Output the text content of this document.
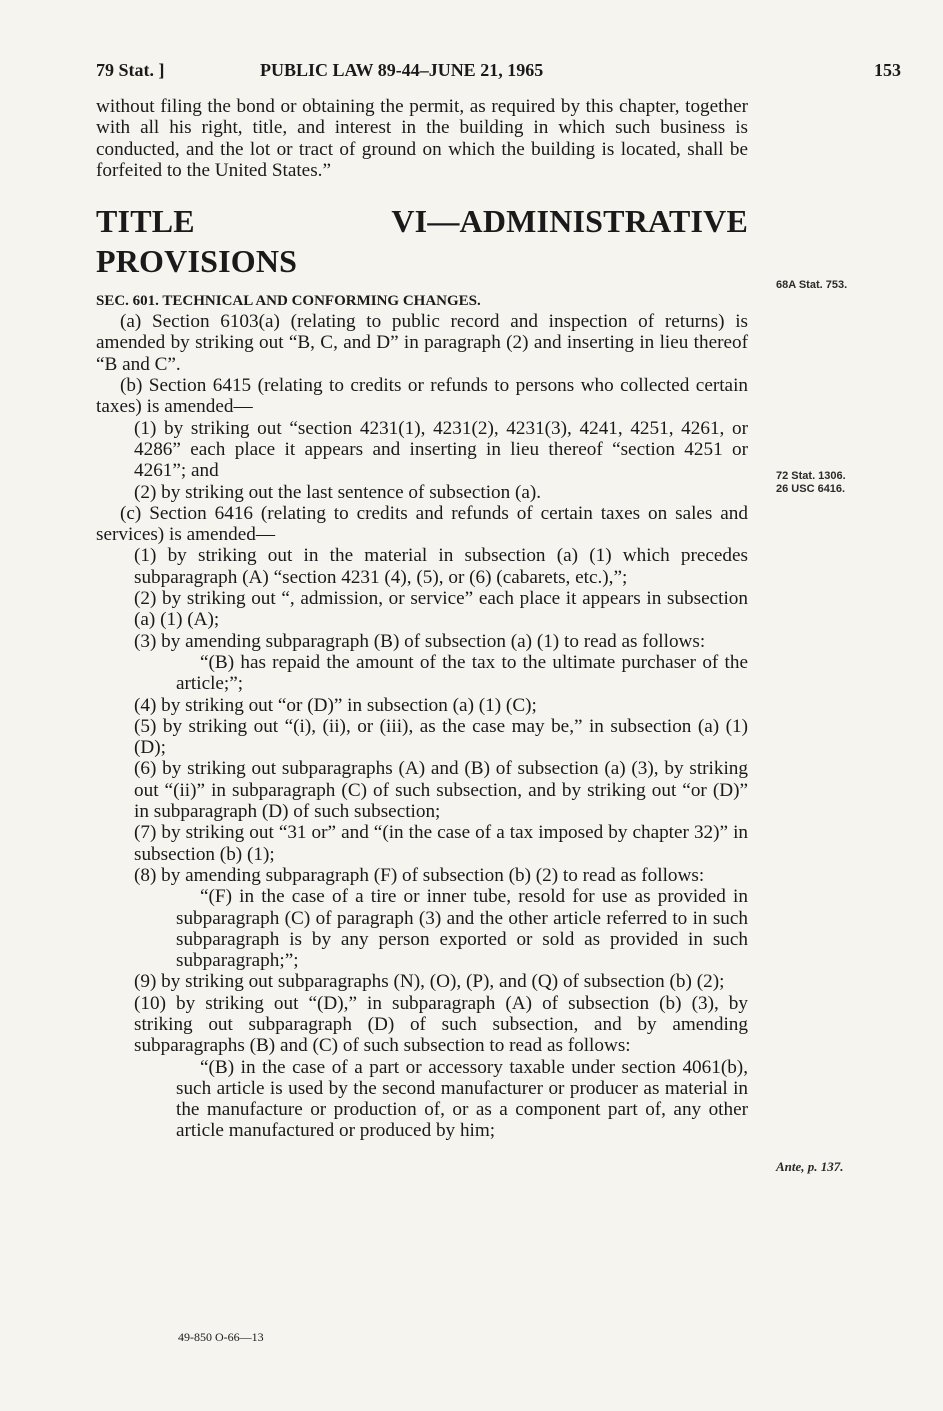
79 Stat. ]	PUBLIC LAW 89-44–JUNE 21, 1965	153

without filing the bond or obtaining the permit, as required by this chapter, together with all his right, title, and interest in the building in which such business is conducted, and the lot or tract of ground on which the building is located, shall be forfeited to the United States.”

TITLE VI—ADMINISTRATIVE PROVISIONS
SEC. 601. TECHNICAL AND CONFORMING CHANGES.

(a) Section 6103(a) (relating to public record and inspection of returns) is amended by striking out “B, C, and D” in paragraph (2) and inserting in lieu thereof “B and C”.

(b) Section 6415 (relating to credits or refunds to persons who collected certain taxes) is amended—

(1) by striking out “section 4231(1), 4231(2), 4231(3), 4241, 4251, 4261, or 4286” each place it appears and inserting in lieu thereof “section 4251 or 4261”; and

(2) by striking out the last sentence of subsection (a).

(c) Section 6416 (relating to credits and refunds of certain taxes on sales and services) is amended—

(1) by striking out in the material in subsection (a) (1) which precedes subparagraph (A) “section 4231 (4), (5), or (6) (cabarets, etc.),”;

(2) by striking out “, admission, or service” each place it appears in subsection (a) (1) (A);

(3) by amending subparagraph (B) of subsection (a) (1) to read as follows:

“(B) has repaid the amount of the tax to the ultimate purchaser of the article;”;

(4) by striking out “or (D)” in subsection (a) (1) (C);

(5) by striking out “(i), (ii), or (iii), as the case may be,” in subsection (a) (1) (D);

(6) by striking out subparagraphs (A) and (B) of subsection (a) (3), by striking out “(ii)” in subparagraph (C) of such subsection, and by striking out “or (D)” in subparagraph (D) of such subsection;

(7) by striking out “31 or” and “(in the case of a tax imposed by chapter 32)” in subsection (b) (1);

(8) by amending subparagraph (F) of subsection (b) (2) to read as follows:

“(F) in the case of a tire or inner tube, resold for use as provided in subparagraph (C) of paragraph (3) and the other article referred to in such subparagraph is by any person exported or sold as provided in such subparagraph;”;

(9) by striking out subparagraphs (N), (O), (P), and (Q) of subsection (b) (2);

(10) by striking out “(D),” in subparagraph (A) of subsection (b) (3), by striking out subparagraph (D) of such subsection, and by amending subparagraphs (B) and (C) of such subsection to read as follows:

“(B) in the case of a part or accessory taxable under section 4061(b), such article is used by the second manufacturer or producer as material in the manufacture or production of, or as a component part of, any other article manufactured or produced by him;

68A Stat. 753.
72 Stat. 1306.
26 USC 6416.
Ante, p. 137.
49-850 O-66—13
